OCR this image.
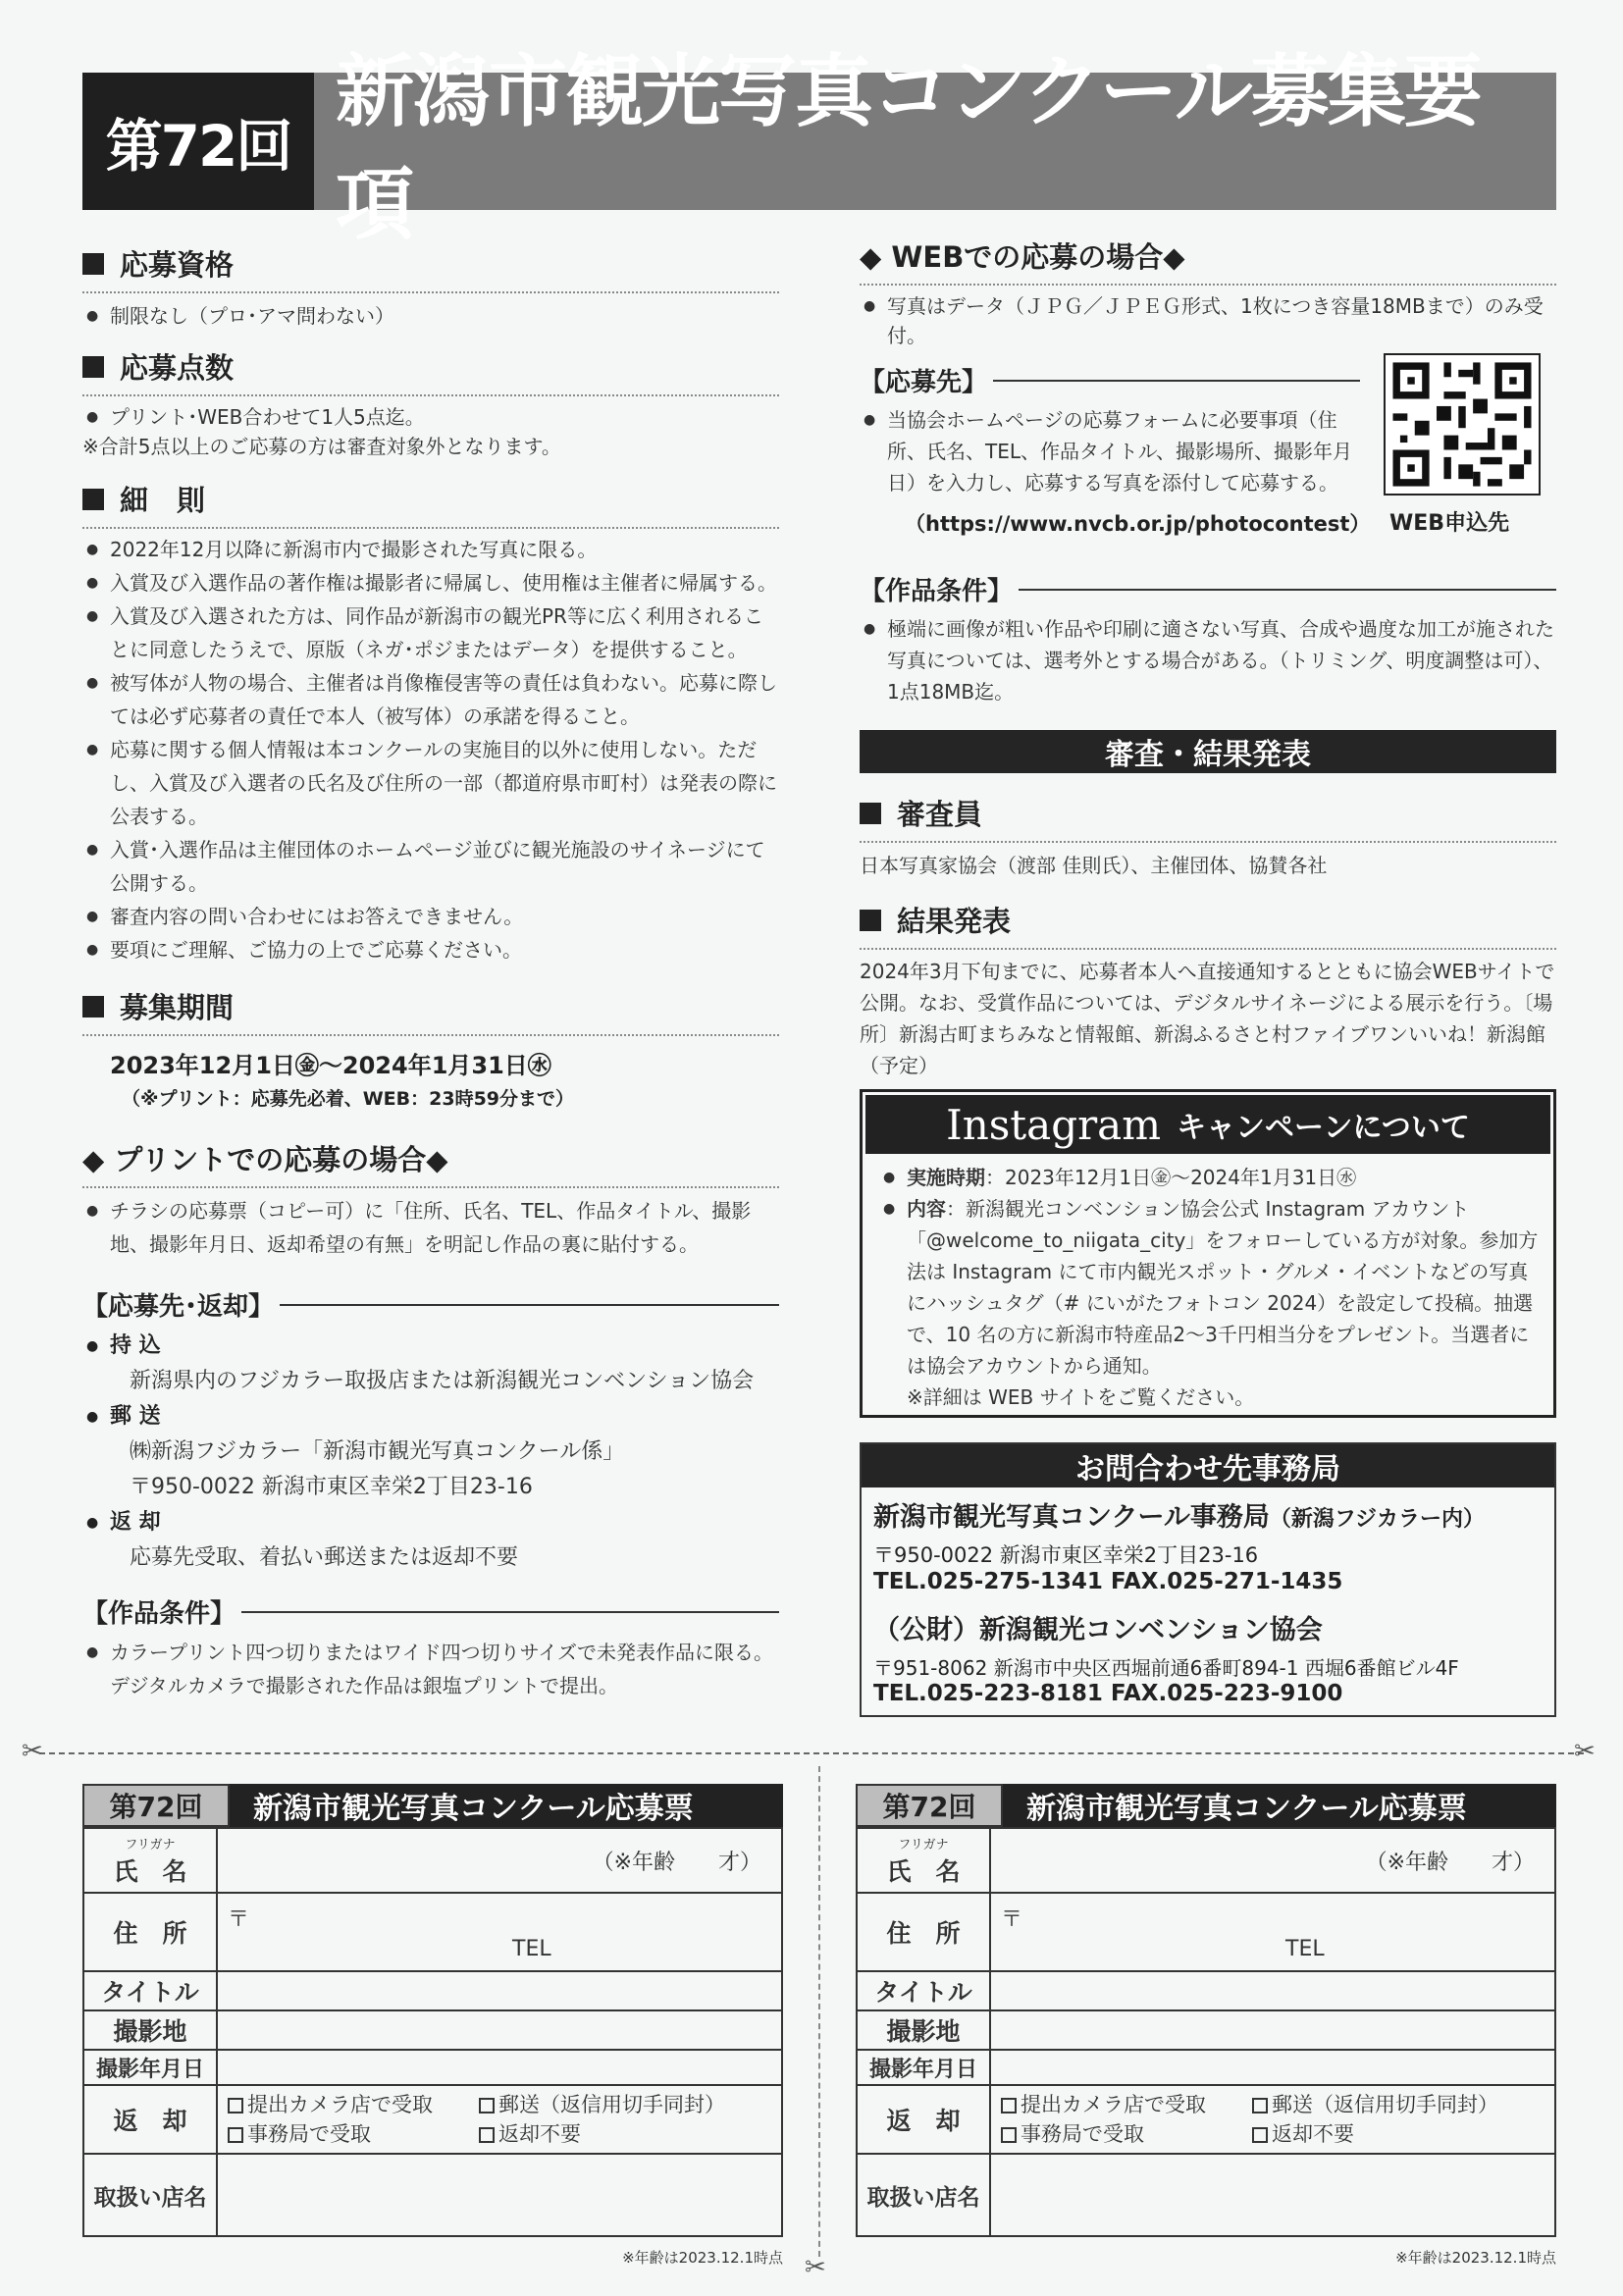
第72回
新潟市観光写真コンクール募集要項
応募資格
● 制限なし（プロ･アマ問わない）
応募点数
● プリント･WEB合わせて1人5点迄。
※合計5点以上のご応募の方は審査対象外となります。
細　則
● 2022年12月以降に新潟市内で撮影された写真に限る。
● 入賞及び入選作品の著作権は撮影者に帰属し、使用権は主催者に帰属する。
● 入賞及び入選された方は、同作品が新潟市の観光PR等に広く利用されることに同意したうえで、原版（ネガ･ポジまたはデータ）を提供すること。
● 被写体が人物の場合、主催者は肖像権侵害等の責任は負わない。応募に際しては必ず応募者の責任で本人（被写体）の承諾を得ること。
● 応募に関する個人情報は本コンクールの実施目的以外に使用しない。ただし、入賞及び入選者の氏名及び住所の一部（都道府県市町村）は発表の際に公表する。
● 入賞･入選作品は主催団体のホームページ並びに観光施設のサイネージにて公開する。
● 審査内容の問い合わせにはお答えできません。
● 要項にご理解、ご協力の上でご応募ください。
募集期間
2023年12月1日㊎～2024年1月31日㊌
（※プリント：応募先必着、WEB：23時59分まで）
◆ プリントでの応募の場合◆
● チラシの応募票（コピー可）に「住所、氏名、TEL、作品タイトル、撮影地、撮影年月日、返却希望の有無」を明記し作品の裏に貼付する。
【応募先･返却】
● 持 込
新潟県内のフジカラー取扱店または新潟観光コンベンション協会
● 郵 送
㈱新潟フジカラー「新潟市観光写真コンクール係」
〒950-0022 新潟市東区幸栄2丁目23-16
● 返 却
応募先受取、着払い郵送または返却不要
【作品条件】
● カラープリント四つ切りまたはワイド四つ切りサイズで未発表作品に限る。デジタルカメラで撮影された作品は銀塩プリントで提出。
◆ WEBでの応募の場合◆
● 写真はデータ（ＪＰＧ／ＪＰＥＧ形式、1枚につき容量18MBまで）のみ受付。
【応募先】
● 当協会ホームページの応募フォームに必要事項（住所、氏名、TEL、作品タイトル、撮影場所、撮影年月日）を入力し、応募する写真を添付して応募する。
（https://www.nvcb.or.jp/photocontest） WEB申込先
【作品条件】
● 極端に画像が粗い作品や印刷に適さない写真、合成や過度な加工が施された写真については、選考外とする場合がある。（トリミング、明度調整は可）、1点18MB迄。
審査・結果発表
審査員
日本写真家協会（渡部 佳則氏）、主催団体、協賛各社
結果発表
2024年3月下旬までに、応募者本人へ直接通知するとともに協会WEBサイトで公開。なお、受賞作品については、デジタルサイネージによる展示を行う。〔場所〕新潟古町まちみなと情報館、新潟ふるさと村ファイブワンいいね！新潟館（予定）
Instagram キャンペーンについて
● 実施時期：2023年12月1日㊎～2024年1月31日㊌
● 内容：新潟観光コンベンション協会公式 Instagram アカウント「@welcome_to_niigata_city」をフォローしている方が対象。参加方法は Instagram にて市内観光スポット・グルメ・イベントなどの写真にハッシュタグ（# にいがたフォトコン 2024）を設定して投稿。抽選で、10 名の方に新潟市特産品2～3千円相当分をプレゼント。当選者には協会アカウントから通知。
※詳細は WEB サイトをご覧ください。
お問合わせ先事務局
新潟市観光写真コンクール事務局（新潟フジカラー内）
〒950-0022 新潟市東区幸栄2丁目23-16
TEL.025-275-1341 FAX.025-271-1435
（公財）新潟観光コンベンション協会
〒951-8062 新潟市中央区西堀前通6番町894-1 西堀6番館ビル4F
TEL.025-223-8181 FAX.025-223-9100
✂	✂
✂
第72回	新潟市観光写真コンクール応募票
フリガナ
氏　名	（※年齢　　才）
住　所	〒
TEL

タイトル	
撮影地	
撮影年月日	
返　却	提出カメラ店で受取 郵送（返信用切手同封）
事務局で受取 返却不要

取扱い店名	
※年齢は2023.12.1時点
第72回	新潟市観光写真コンクール応募票
フリガナ
氏　名	（※年齢　　才）
住　所	〒
TEL

タイトル	
撮影地	
撮影年月日	
返　却	提出カメラ店で受取 郵送（返信用切手同封）
事務局で受取 返却不要

取扱い店名	
※年齢は2023.12.1時点
